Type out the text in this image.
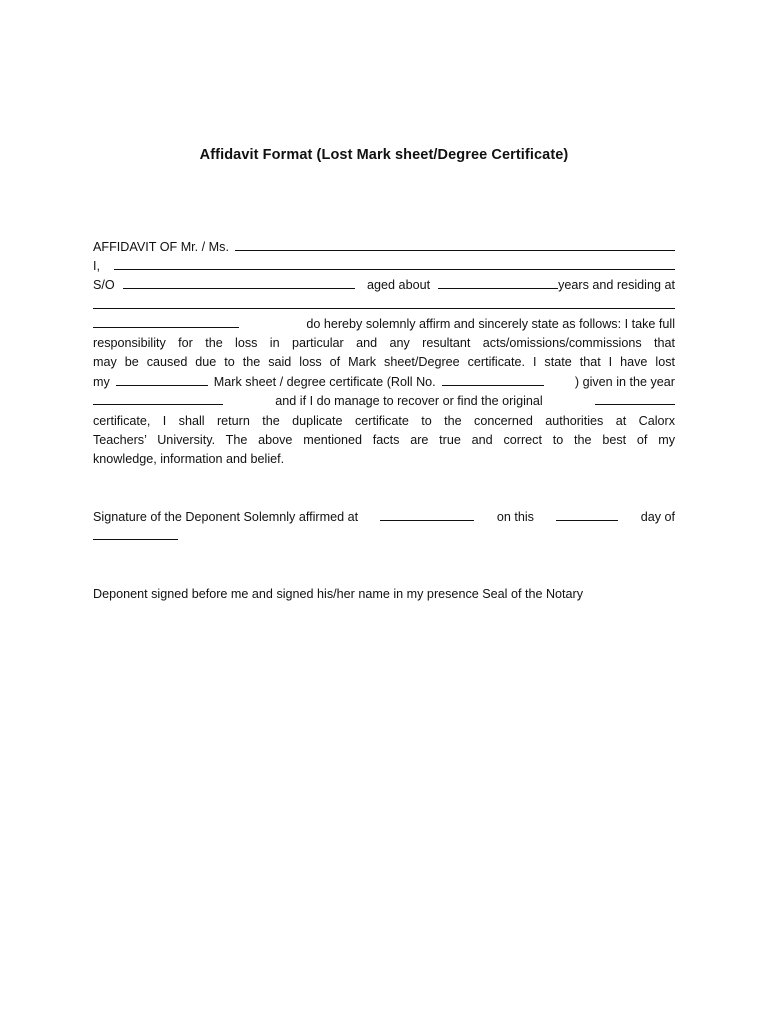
Affidavit Format (Lost Mark sheet/Degree Certificate)
AFFIDAVIT OF Mr. / Ms.
I,
S/O	aged about	years and residing at
do hereby solemnly affirm and sincerely state as follows: I take full
responsibility for the loss in particular and any resultant acts/omissions/commissions that
may be caused due to the said loss of Mark sheet/Degree certificate. I state that I have lost
my	Mark sheet / degree certificate (Roll No.	) given in the year
and if I do manage to recover or find the original
certificate, I shall return the duplicate certificate to the concerned authorities at Calorx
Teachers’ University. The above mentioned facts are true and correct to the best of my
knowledge, information and belief.
Signature of the Deponent Solemnly affirmed at	on this	day of
Deponent signed before me and signed his/her name in my presence Seal of the Notary
